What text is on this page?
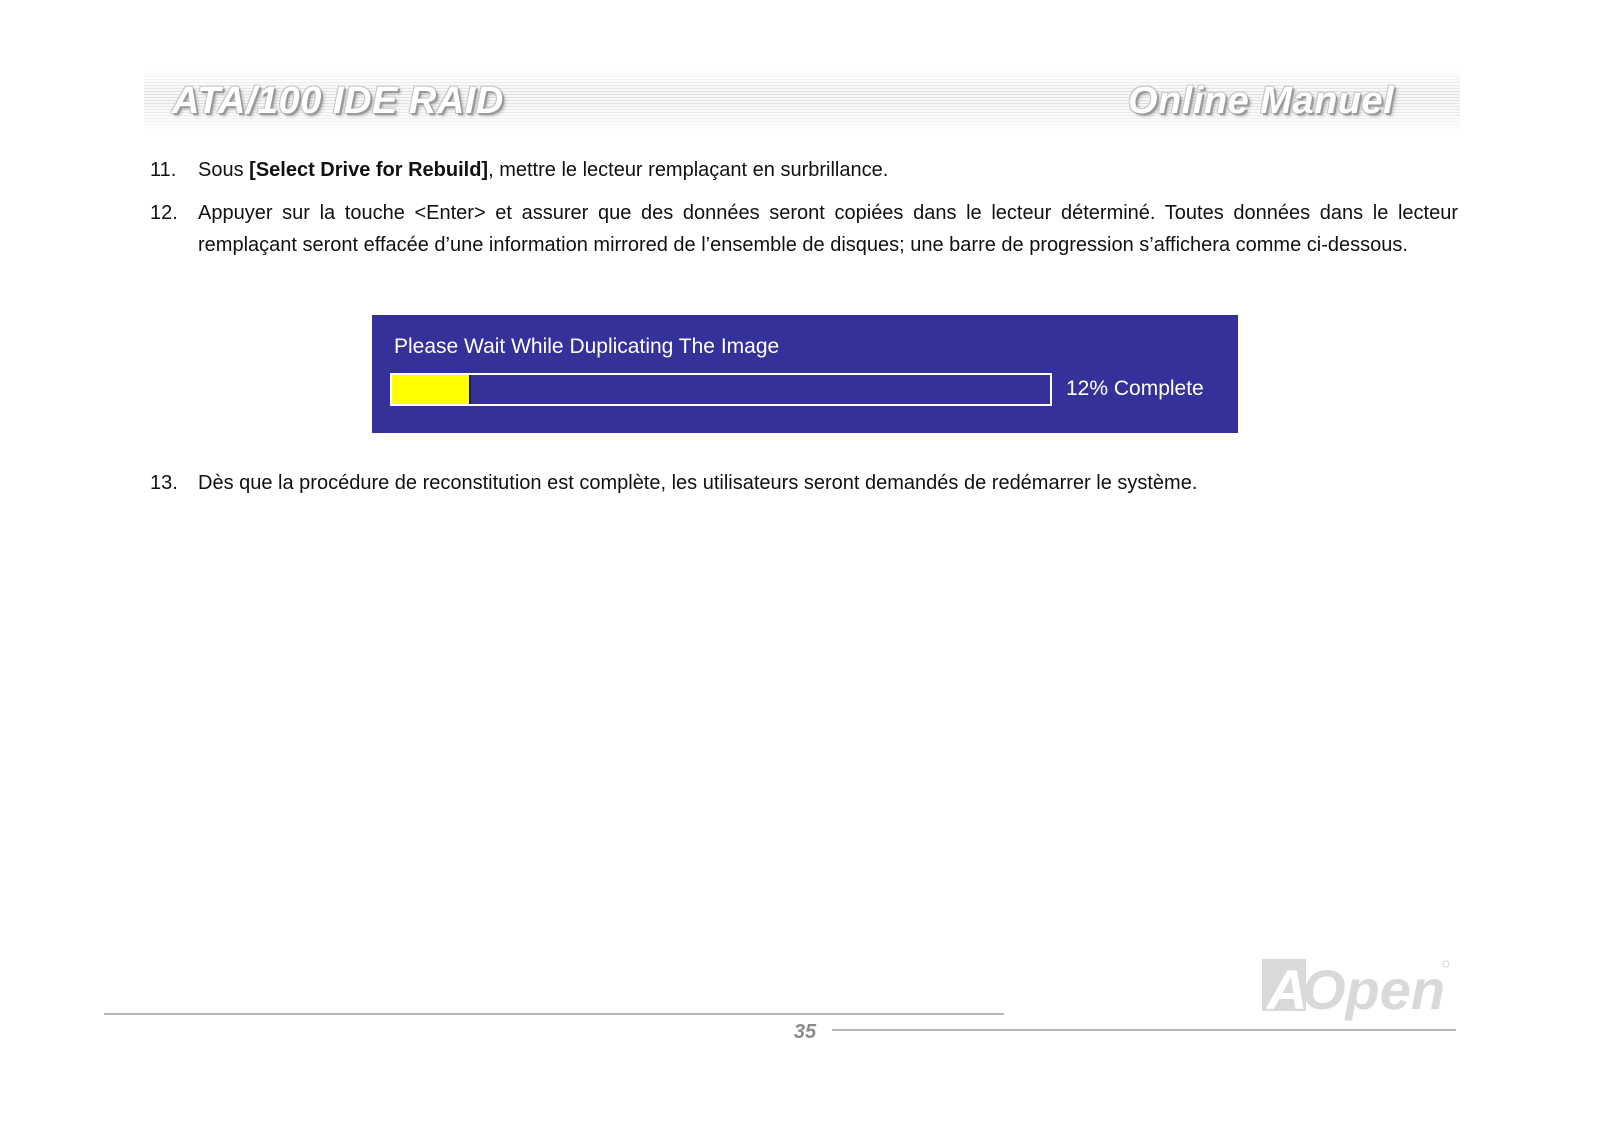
ATA/100 IDE RAID	Online Manuel
11. Sous [Select Drive for Rebuild], mettre le lecteur remplaçant en surbrillance.
12. Appuyer sur la touche <Enter> et assurer que des données seront copiées dans le lecteur déterminé. Toutes données dans le lecteur remplaçant seront effacée d’une information mirrored de l’ensemble de disques; une barre de progression s’affichera comme ci-dessous.
Please Wait While Duplicating The Image
12% Complete
13. Dès que la procédure de reconstitution est complète, les utilisateurs seront demandés de redémarrer le système.
35
A
Open
